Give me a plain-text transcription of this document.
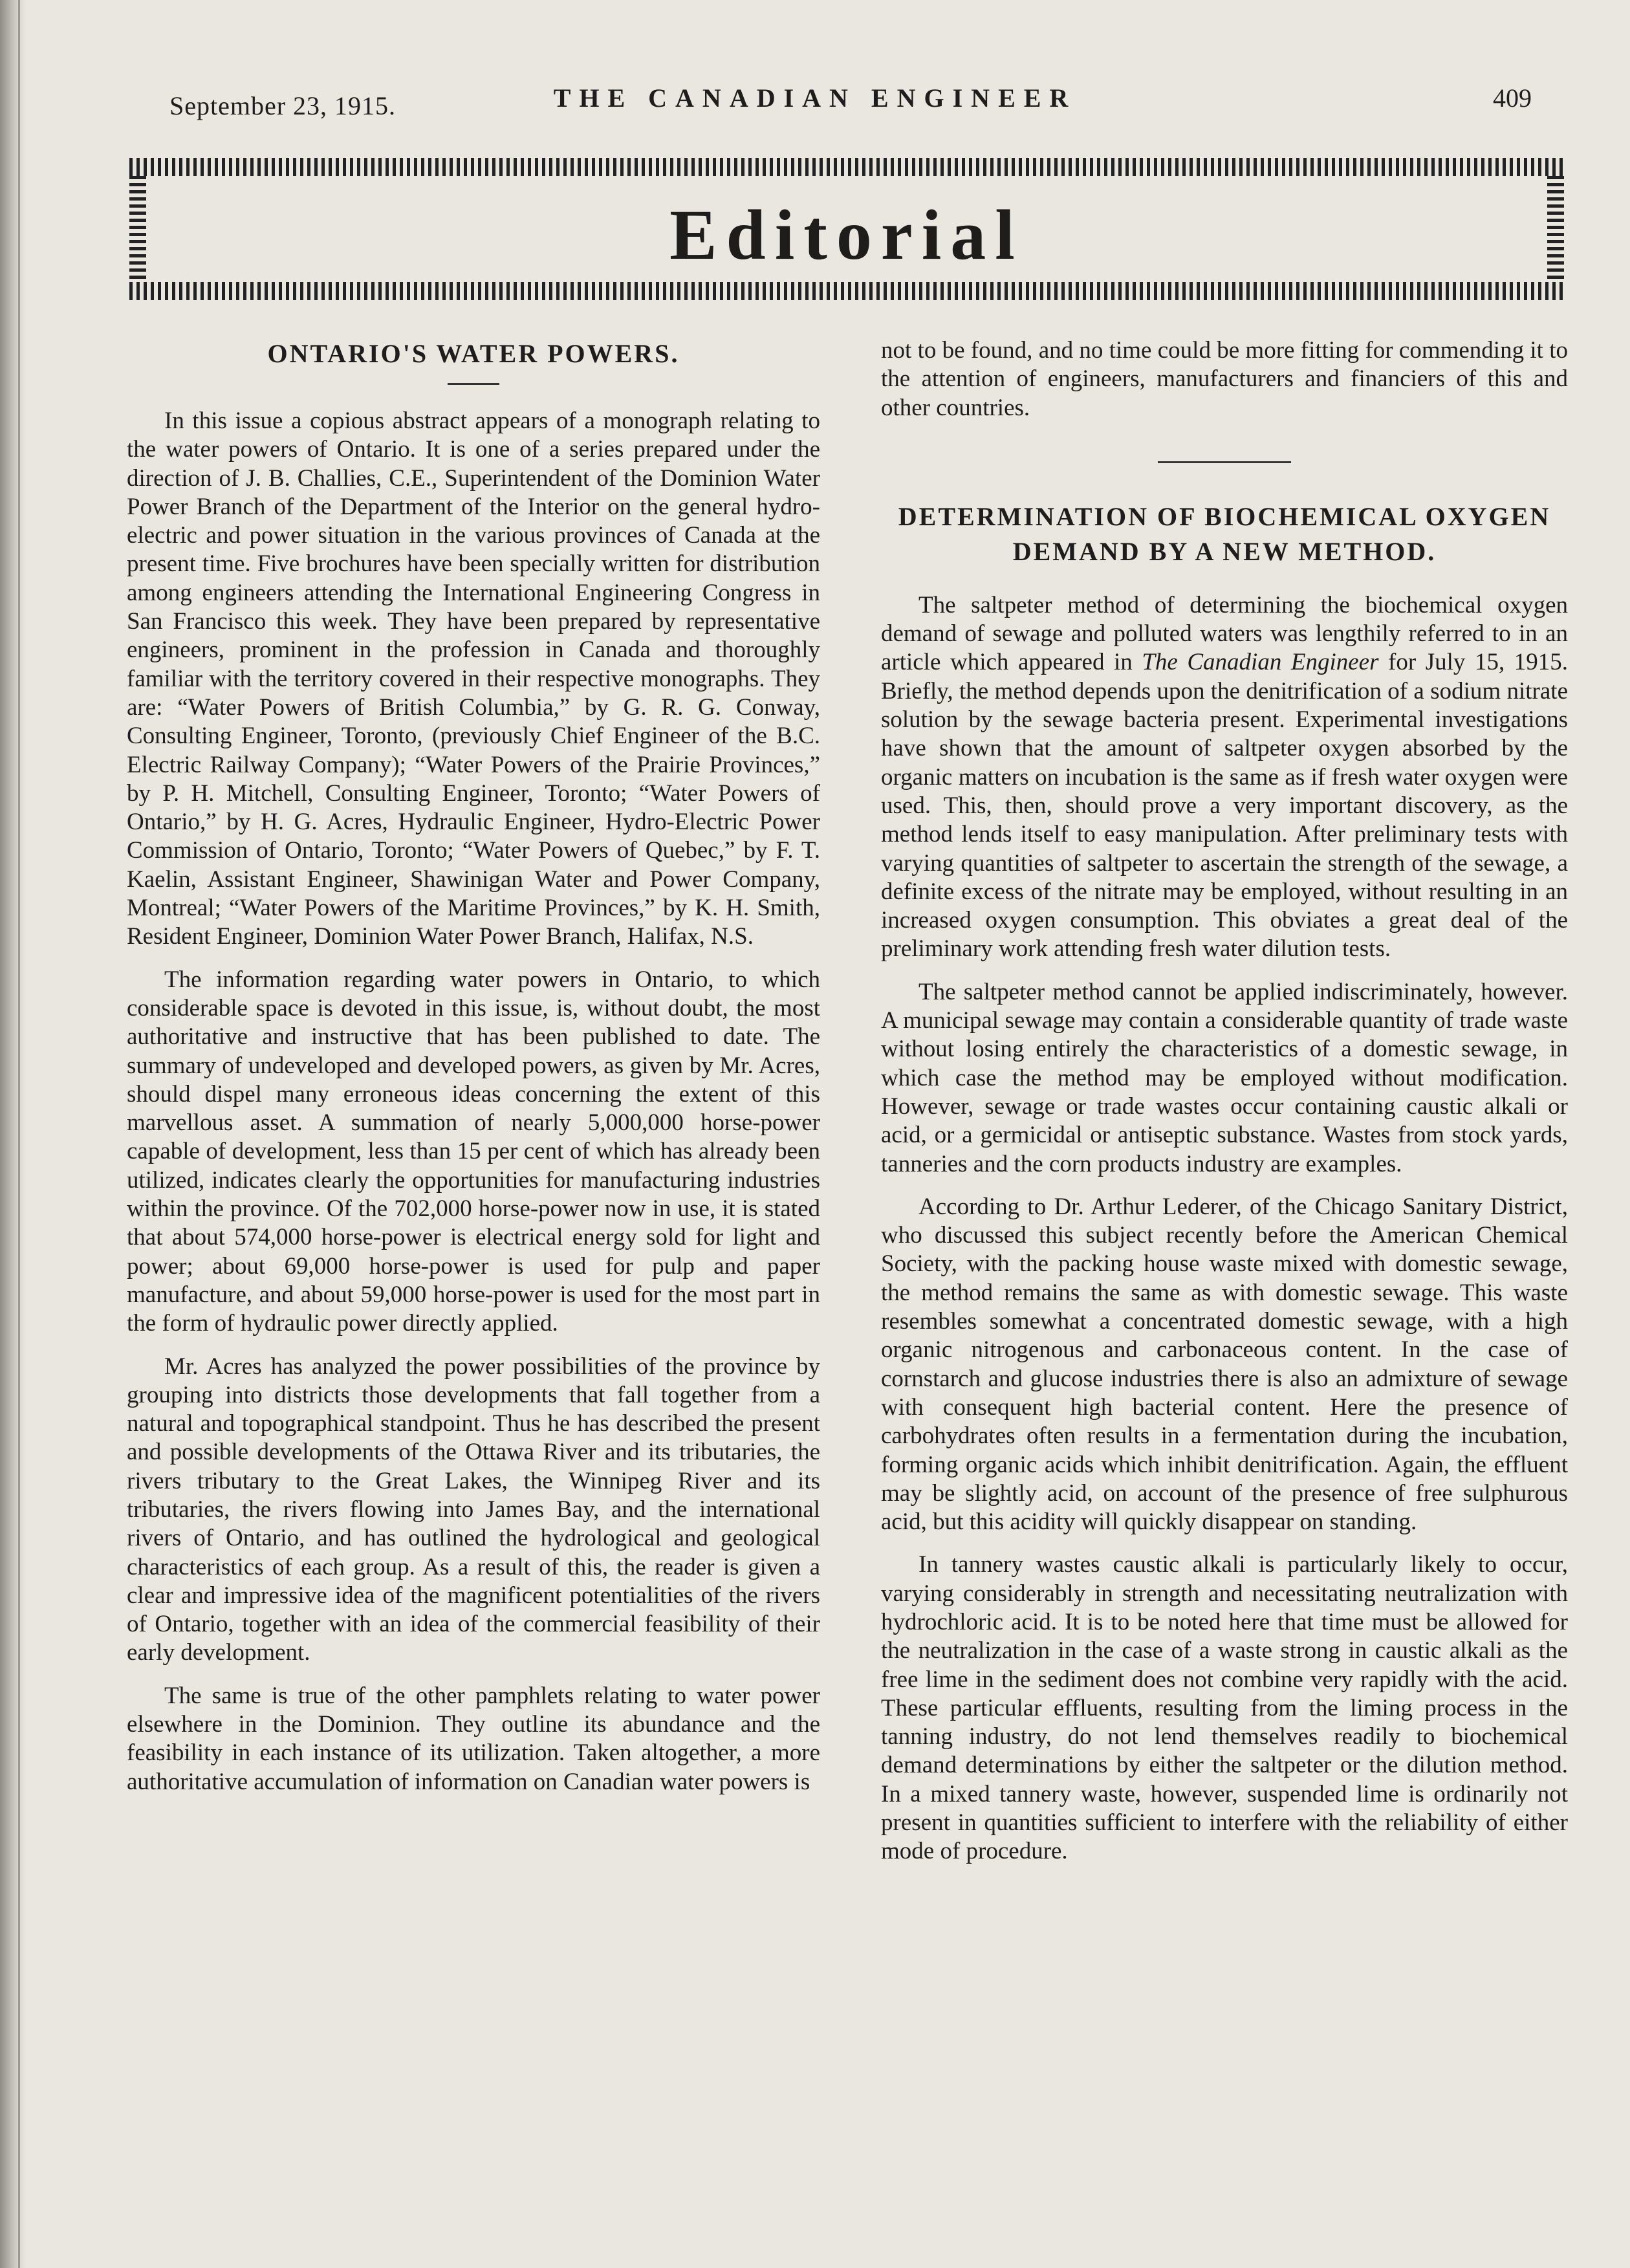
September 23, 1915.	THE CANADIAN ENGINEER	409
Editorial
ONTARIO'S WATER POWERS.

In this issue a copious abstract appears of a monograph relating to the water powers of Ontario. It is one of a series prepared under the direction of J. B. Challies, C.E., Superintendent of the Dominion Water Power Branch of the Department of the Interior on the general hydro-electric and power situation in the various provinces of Canada at the present time. Five brochures have been specially written for distribution among engineers attending the International Engineering Congress in San Francisco this week. They have been prepared by representative engineers, prominent in the profession in Canada and thoroughly familiar with the territory covered in their respective monographs. They are: “Water Powers of British Columbia,” by G. R. G. Conway, Consulting Engineer, Toronto, (previously Chief Engineer of the B.C. Electric Railway Company); “Water Powers of the Prairie Provinces,” by P. H. Mitchell, Consulting Engineer, Toronto; “Water Powers of Ontario,” by H. G. Acres, Hydraulic Engineer, Hydro-Electric Power Commission of Ontario, Toronto; “Water Powers of Quebec,” by F. T. Kaelin, Assistant Engineer, Shawinigan Water and Power Company, Montreal; “Water Powers of the Maritime Provinces,” by K. H. Smith, Resident Engineer, Dominion Water Power Branch, Halifax, N.S.

The information regarding water powers in Ontario, to which considerable space is devoted in this issue, is, without doubt, the most authoritative and instructive that has been published to date. The summary of undeveloped and developed powers, as given by Mr. Acres, should dispel many erroneous ideas concerning the extent of this marvellous asset. A summation of nearly 5,000,000 horse-power capable of development, less than 15 per cent of which has already been utilized, indicates clearly the opportunities for manufacturing industries within the province. Of the 702,000 horse-power now in use, it is stated that about 574,000 horse-power is electrical energy sold for light and power; about 69,000 horse-power is used for pulp and paper manufacture, and about 59,000 horse-power is used for the most part in the form of hydraulic power directly applied.

Mr. Acres has analyzed the power possibilities of the province by grouping into districts those developments that fall together from a natural and topographical standpoint. Thus he has described the present and possible developments of the Ottawa River and its tributaries, the rivers tributary to the Great Lakes, the Winnipeg River and its tributaries, the rivers flowing into James Bay, and the international rivers of Ontario, and has outlined the hydrological and geological characteristics of each group. As a result of this, the reader is given a clear and impressive idea of the magnificent potentialities of the rivers of Ontario, together with an idea of the commercial feasibility of their early development.

The same is true of the other pamphlets relating to water power elsewhere in the Dominion. They outline its abundance and the feasibility in each instance of its utilization. Taken altogether, a more authoritative accumulation of information on Canadian water powers is

not to be found, and no time could be more fitting for commending it to the attention of engineers, manufacturers and financiers of this and other countries.

DETERMINATION OF BIOCHEMICAL OXYGEN DEMAND BY A NEW METHOD.

The saltpeter method of determining the biochemical oxygen demand of sewage and polluted waters was lengthily referred to in an article which appeared in The Canadian Engineer for July 15, 1915. Briefly, the method depends upon the denitrification of a sodium nitrate solution by the sewage bacteria present. Experimental investigations have shown that the amount of saltpeter oxygen absorbed by the organic matters on incubation is the same as if fresh water oxygen were used. This, then, should prove a very important discovery, as the method lends itself to easy manipulation. After preliminary tests with varying quantities of saltpeter to ascertain the strength of the sewage, a definite excess of the nitrate may be employed, without resulting in an increased oxygen consumption. This obviates a great deal of the preliminary work attending fresh water dilution tests.

The saltpeter method cannot be applied indiscriminately, however. A municipal sewage may contain a considerable quantity of trade waste without losing entirely the characteristics of a domestic sewage, in which case the method may be employed without modification. However, sewage or trade wastes occur containing caustic alkali or acid, or a germicidal or antiseptic substance. Wastes from stock yards, tanneries and the corn products industry are examples.

According to Dr. Arthur Lederer, of the Chicago Sanitary District, who discussed this subject recently before the American Chemical Society, with the packing house waste mixed with domestic sewage, the method remains the same as with domestic sewage. This waste resembles somewhat a concentrated domestic sewage, with a high organic nitrogenous and carbonaceous content. In the case of cornstarch and glucose industries there is also an admixture of sewage with consequent high bacterial content. Here the presence of carbohydrates often results in a fermentation during the incubation, forming organic acids which inhibit denitrification. Again, the effluent may be slightly acid, on account of the presence of free sulphurous acid, but this acidity will quickly disappear on standing.

In tannery wastes caustic alkali is particularly likely to occur, varying considerably in strength and necessitating neutralization with hydrochloric acid. It is to be noted here that time must be allowed for the neutralization in the case of a waste strong in caustic alkali as the free lime in the sediment does not combine very rapidly with the acid. These particular effluents, resulting from the liming process in the tanning industry, do not lend themselves readily to biochemical demand determinations by either the saltpeter or the dilution method. In a mixed tannery waste, however, suspended lime is ordinarily not present in quantities sufficient to interfere with the reliability of either mode of procedure.
